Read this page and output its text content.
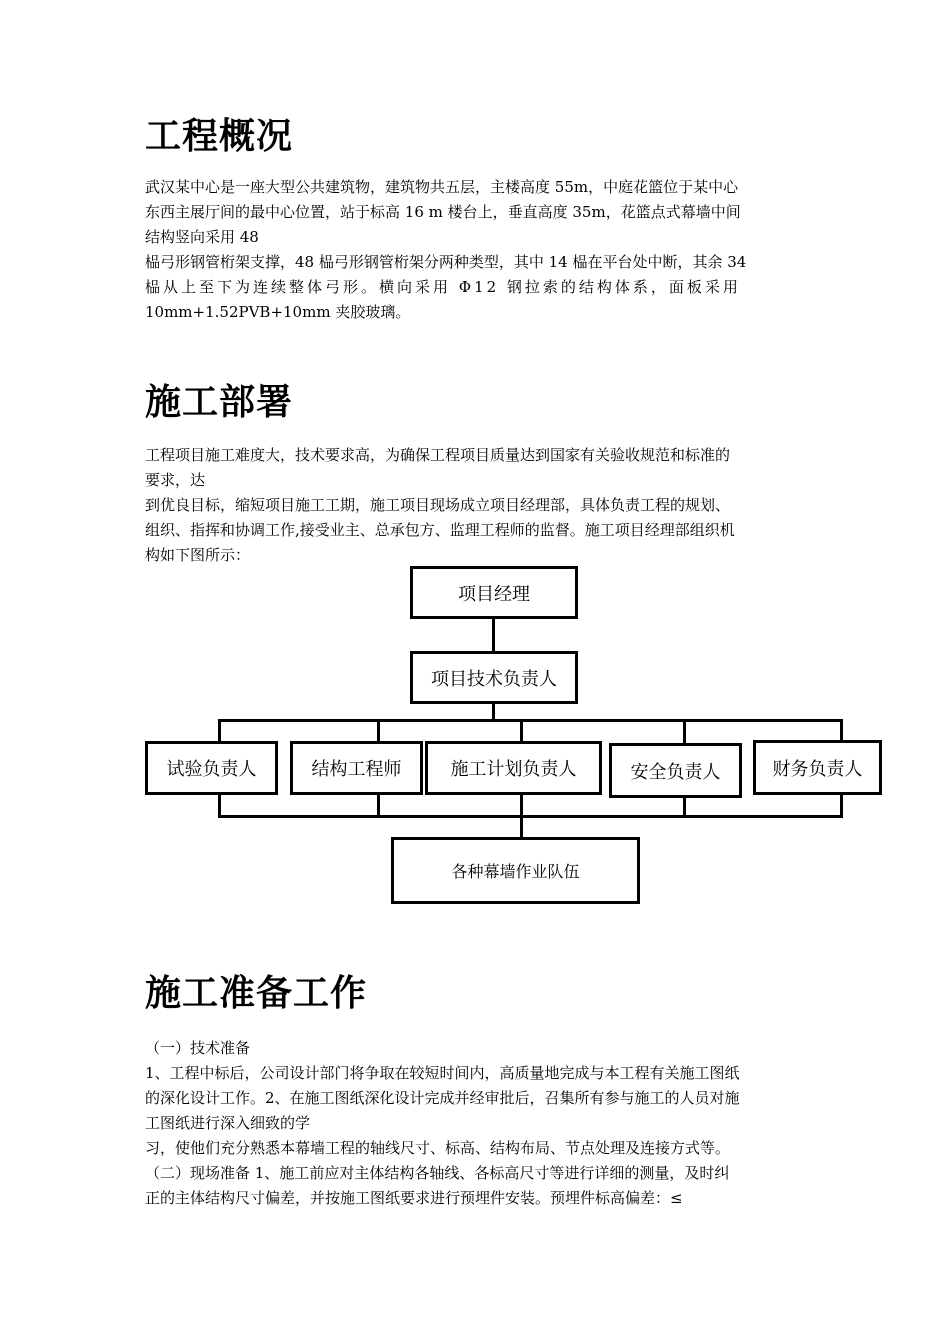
工程概况
武汉某中心是一座大型公共建筑物，建筑物共五层，主楼高度 55m，中庭花篮位于某中心
东西主展厅间的最中心位置，站于标高 16 m 楼台上，垂直高度 35m，花篮点式幕墙中间
结构竖向采用 48
榀弓形钢管桁架支撑，48 榀弓形钢管桁架分两种类型，其中 14 榀在平台处中断，其余 34
榀从上至下为连续整体弓形。横向采用 Φ12 钢拉索的结构体系，面板采用
10mm+1.52PVB+10mm 夹胶玻璃。
施工部署
工程项目施工难度大，技术要求高，为确保工程项目质量达到国家有关验收规范和标准的
要求，达
到优良目标，缩短项目施工工期，施工项目现场成立项目经理部，具体负责工程的规划、
组织、指挥和协调工作,接受业主、总承包方、监理工程师的监督。施工项目经理部组织机
构如下图所示：
项目经理
项目技术负责人
试验负责人	结构工程师	施工计划负责人	安全负责人	财务负责人
各种幕墙作业队伍
施工准备工作
（一）技术准备
1、工程中标后，公司设计部门将争取在较短时间内，高质量地完成与本工程有关施工图纸
的深化设计工作。2、在施工图纸深化设计完成并经审批后，召集所有参与施工的人员对施
工图纸进行深入细致的学
习，使他们充分熟悉本幕墙工程的轴线尺寸、标高、结构布局、节点处理及连接方式等。
（二）现场准备 1、施工前应对主体结构各轴线、各标高尺寸等进行详细的测量，及时纠
正的主体结构尺寸偏差，并按施工图纸要求进行预埋件安装。预埋件标高偏差：≤
